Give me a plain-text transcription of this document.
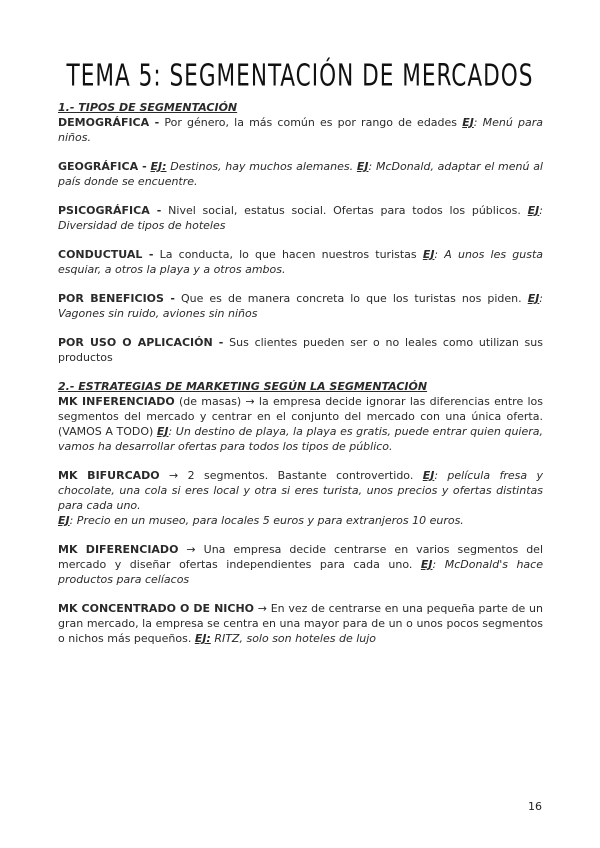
TEMA 5: SEGMENTACIÓN DE MERCADOS

1.- TIPOS DE SEGMENTACIÓN

DEMOGRÁFICA - Por género, la más común es por rango de edades EJ: Menú para niños.

GEOGRÁFICA - EJ: Destinos, hay muchos alemanes. EJ: McDonald, adaptar el menú al país donde se encuentre.

PSICOGRÁFICA - Nivel social, estatus social. Ofertas para todos los públicos. EJ: Diversidad de tipos de hoteles

CONDUCTUAL - La conducta, lo que hacen nuestros turistas EJ: A unos les gusta esquiar, a otros la playa y a otros ambos.

POR BENEFICIOS - Que es de manera concreta lo que los turistas nos piden. EJ: Vagones sin ruido, aviones sin niños

POR USO O APLICACIÓN - Sus clientes pueden ser o no leales como utilizan sus productos

2.- ESTRATEGIAS DE MARKETING SEGÚN LA SEGMENTACIÓN

MK INFERENCIADO (de masas) → la empresa decide ignorar las diferencias entre los segmentos del mercado y centrar en el conjunto del mercado con una única oferta. (VAMOS A TODO) EJ: Un destino de playa, la playa es gratis, puede entrar quien quiera, vamos ha desarrollar ofertas para todos los tipos de público.

MK BIFURCADO → 2 segmentos. Bastante controvertido. EJ: película fresa y chocolate, una cola si eres local y otra si eres turista, unos precios y ofertas distintas para cada uno.

EJ: Precio en un museo, para locales 5 euros y para extranjeros 10 euros.

MK DIFERENCIADO → Una empresa decide centrarse en varios segmentos del mercado y diseñar ofertas independientes para cada uno. EJ: McDonald's hace productos para celíacos

MK CONCENTRADO O DE NICHO → En vez de centrarse en una pequeña parte de un gran mercado, la empresa se centra en una mayor para de un o unos pocos segmentos o nichos más pequeños. EJ: RITZ, solo son hoteles de lujo

16
